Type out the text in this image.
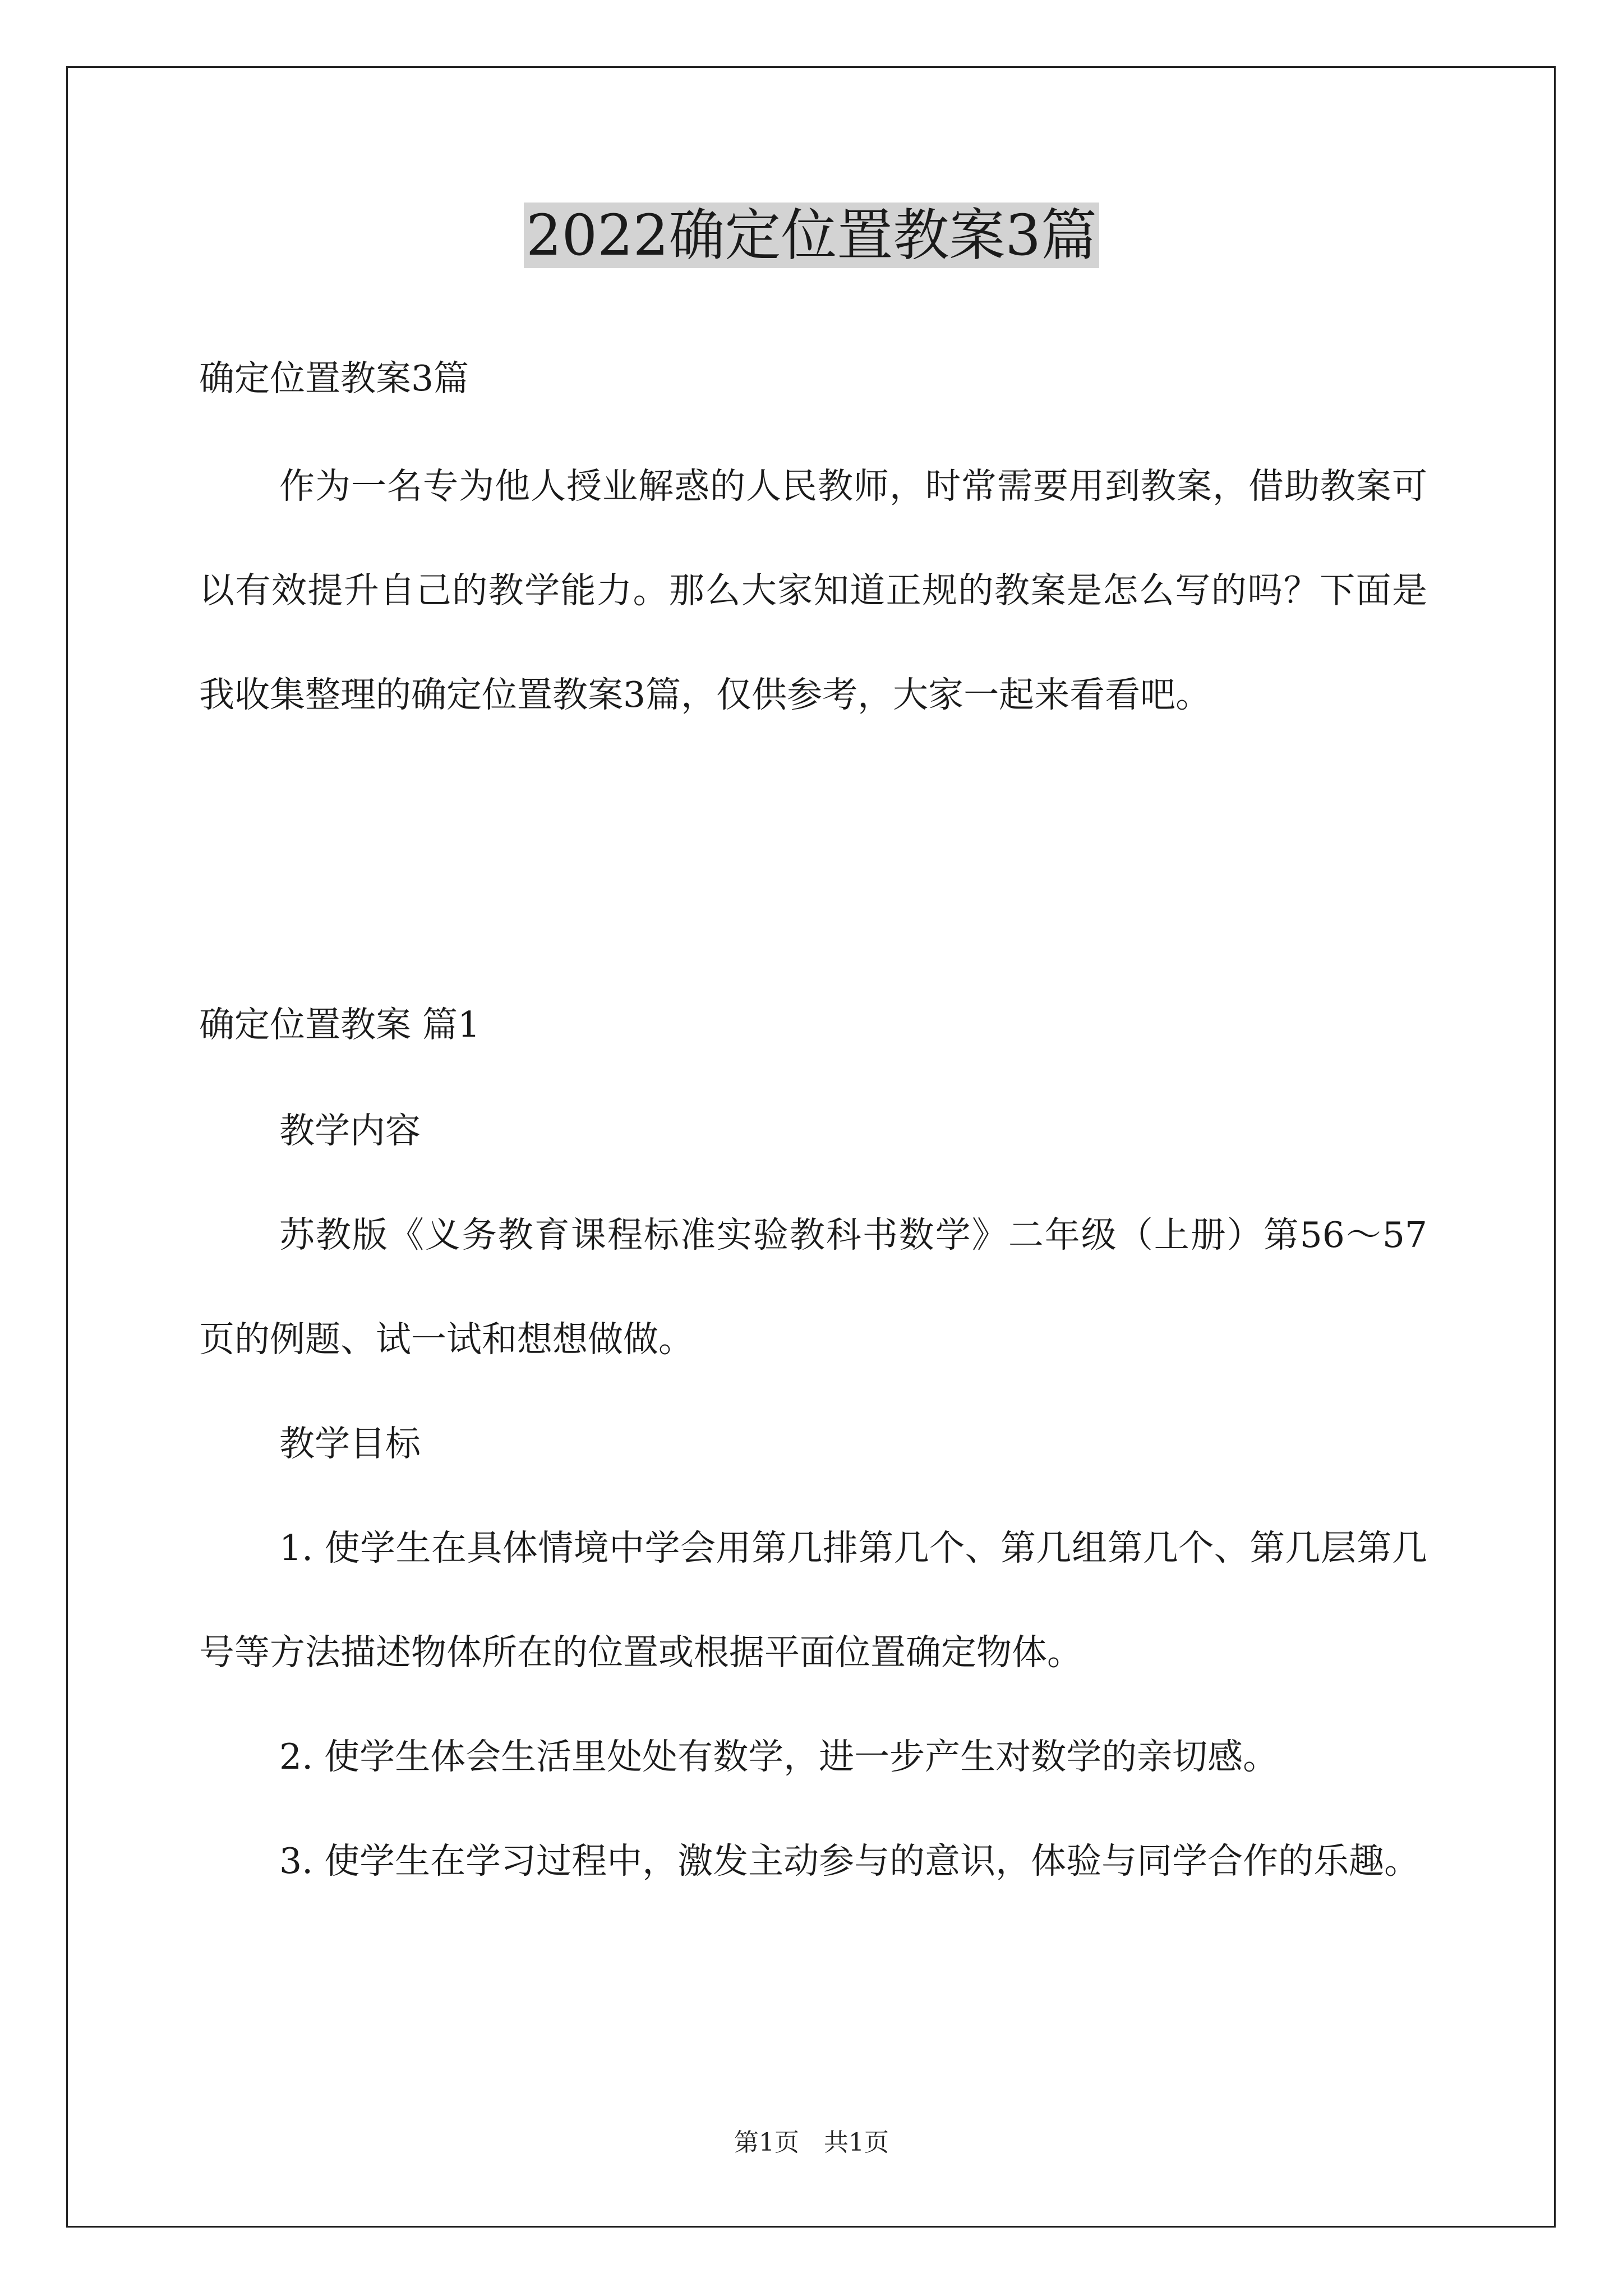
2022确定位置教案3篇
确定位置教案3篇
作为一名专为他人授业解惑的人民教师，时常需要用到教案，借助教案可以有效提升自己的教学能力。那么大家知道正规的教案是怎么写的吗？下面是我收集整理的确定位置教案3篇，仅供参考，大家一起来看看吧。
确定位置教案 篇1
教学内容
苏教版《义务教育课程标准实验教科书数学》二年级（上册）第56～57页的例题、试一试和想想做做。
教学目标
1. 使学生在具体情境中学会用第几排第几个、第几组第几个、第几层第几号等方法描述物体所在的位置或根据平面位置确定物体。
2. 使学生体会生活里处处有数学，进一步产生对数学的亲切感。
3. 使学生在学习过程中，激发主动参与的意识，体验与同学合作的乐趣。
第1页　共1页
